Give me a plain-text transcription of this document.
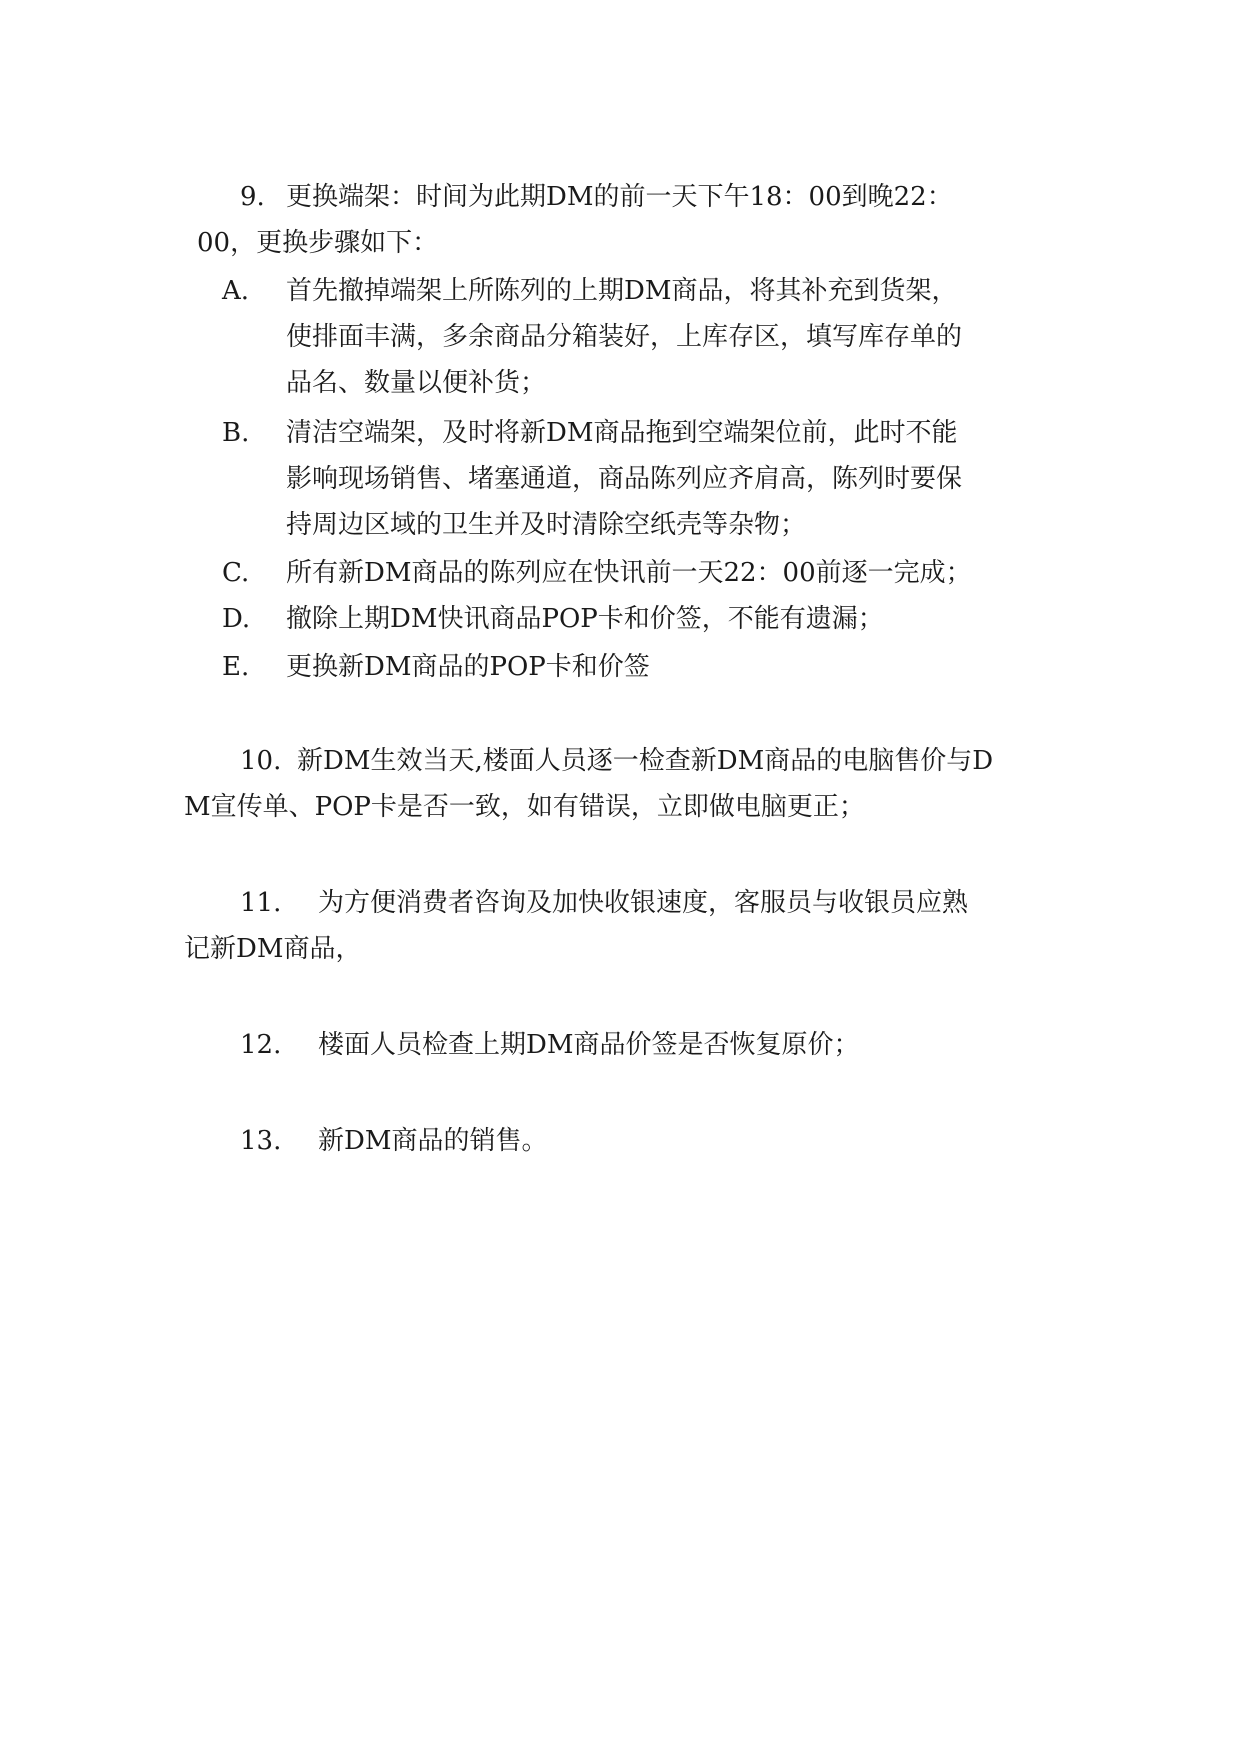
9. 更换端架：时间为此期DM的前一天下午18：00到晚22：
00，更换步骤如下：
A. 首先撤掉端架上所陈列的上期DM商品，将其补充到货架，
使排面丰满，多余商品分箱装好，上库存区，填写库存单的
品名、数量以便补货；
B. 清洁空端架，及时将新DM商品拖到空端架位前，此时不能
影响现场销售、堵塞通道，商品陈列应齐肩高，陈列时要保
持周边区域的卫生并及时清除空纸壳等杂物；
C. 所有新DM商品的陈列应在快讯前一天22：00前逐一完成；
D. 撤除上期DM快讯商品POP卡和价签，不能有遗漏；
E. 更换新DM商品的POP卡和价签
10. 新DM生效当天,楼面人员逐一检查新DM商品的电脑售价与D
M宣传单、POP卡是否一致，如有错误，立即做电脑更正；
11. 为方便消费者咨询及加快收银速度，客服员与收银员应熟
记新DM商品，
12. 楼面人员检查上期DM商品价签是否恢复原价；
13. 新DM商品的销售。
